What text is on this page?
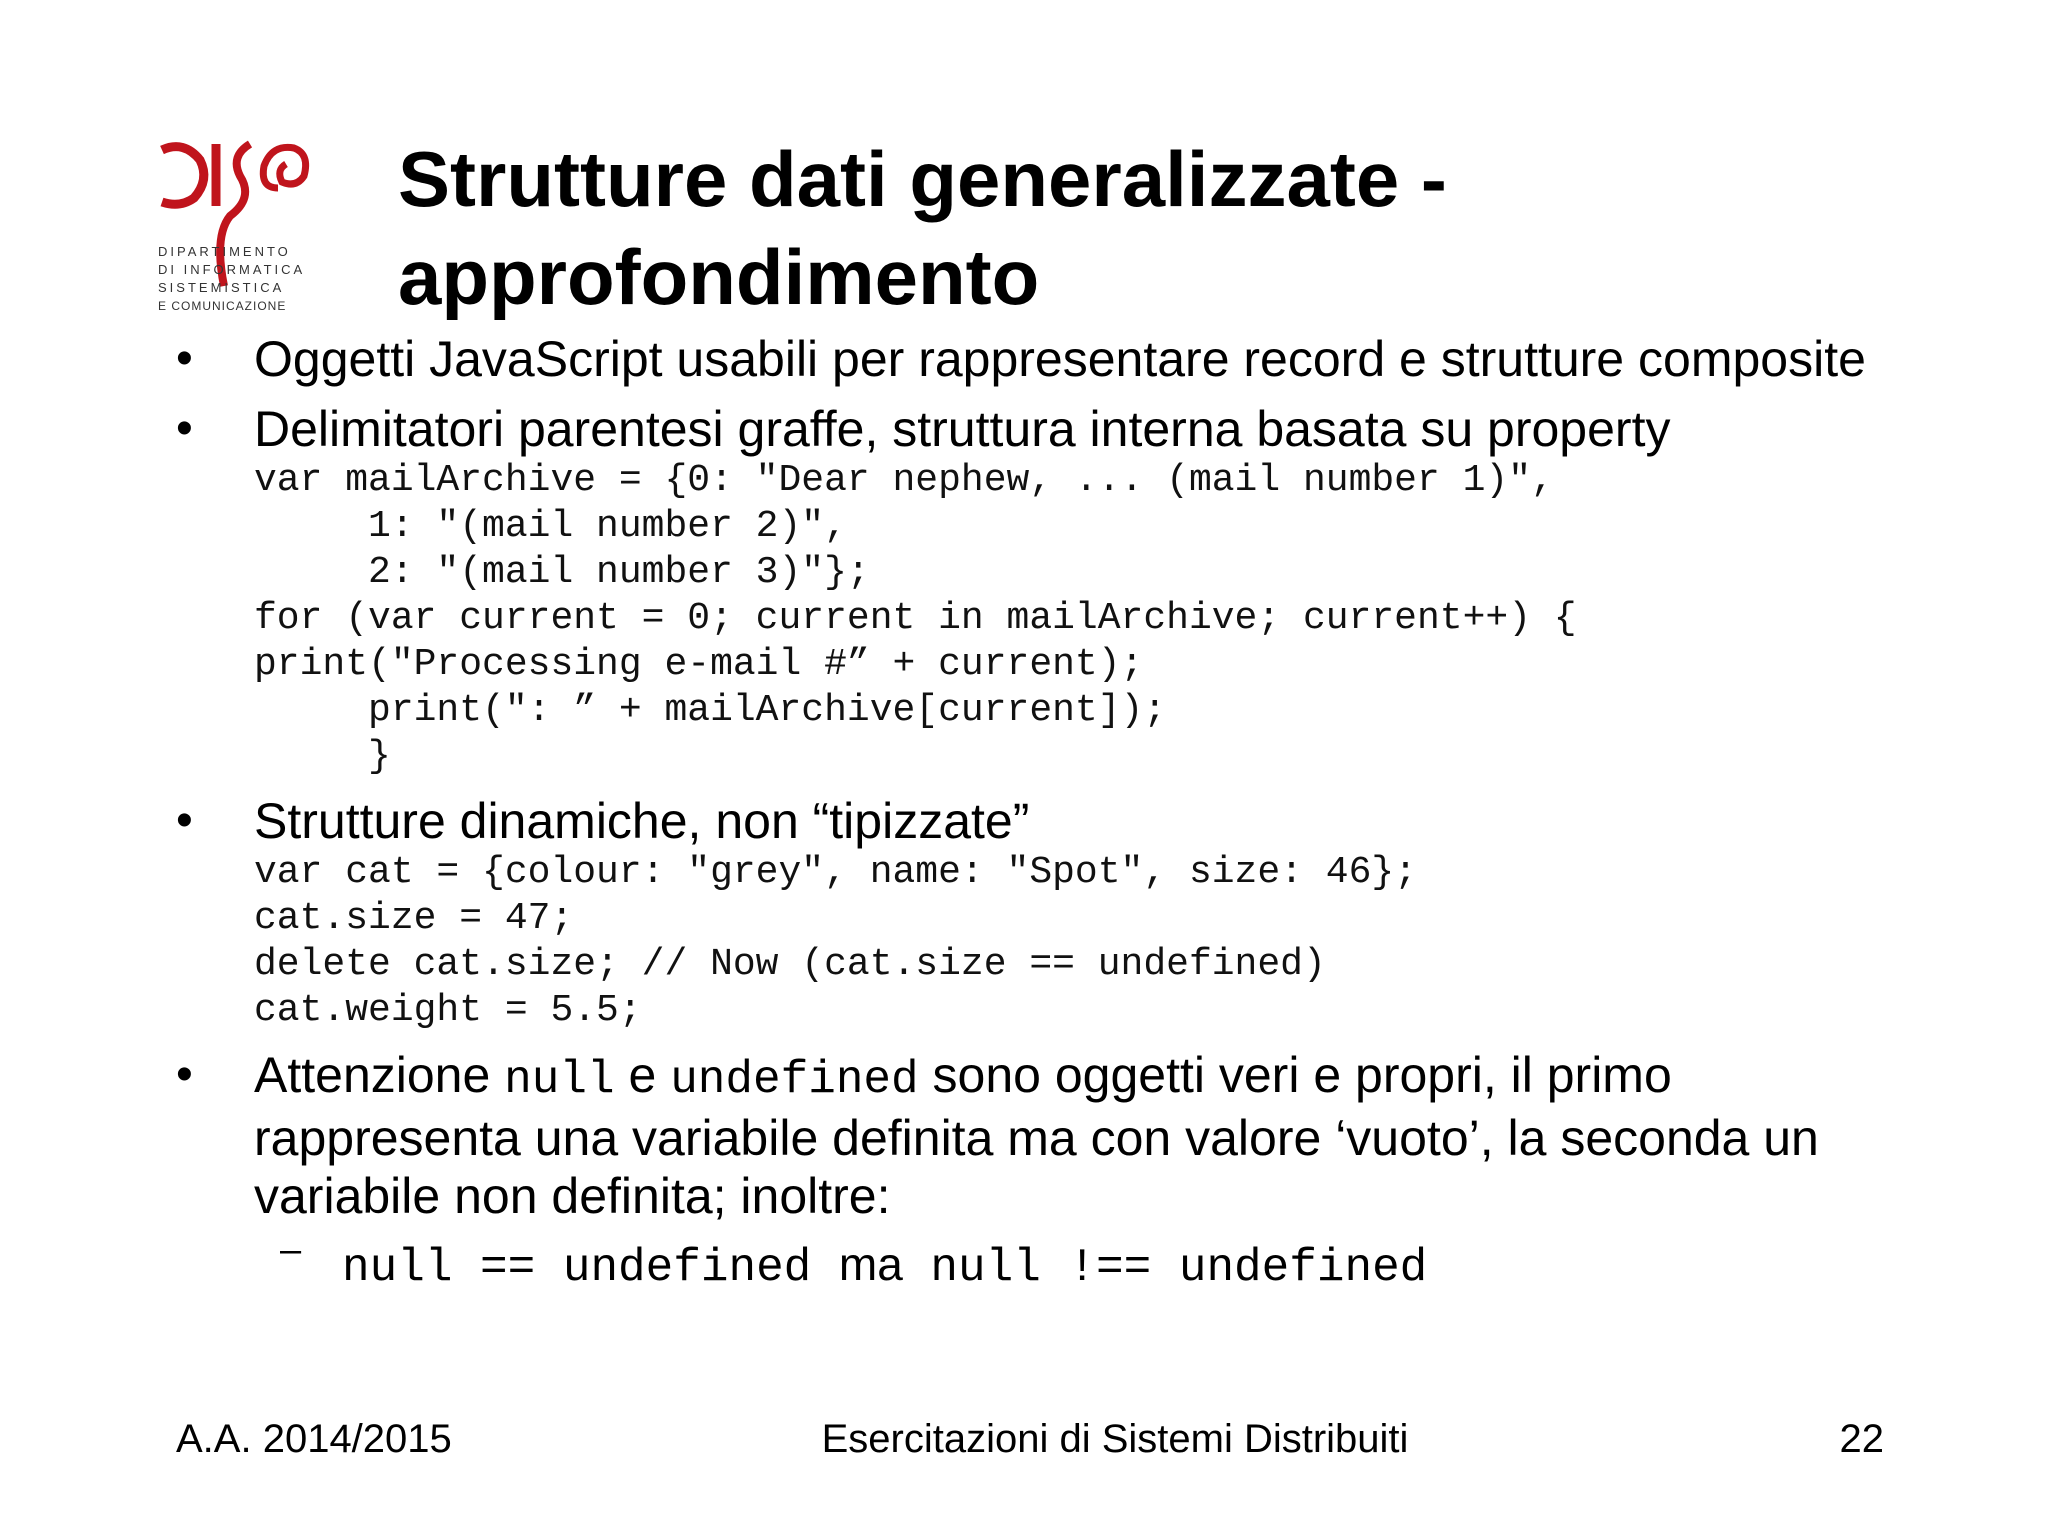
DIPARTIMENTO
DI INFORMATICA
SISTEMISTICA
E COMUNICAZIONE
Strutture dati generalizzate -
approfondimento
• Oggetti JavaScript usabili per rappresentare record e strutture composite
• Delimitatori parentesi graffe, struttura interna basata su property
var mailArchive = {0: "Dear nephew, ... (mail number 1)",
1: "(mail number 2)",
2: "(mail number 3)"};
for (var current = 0; current in mailArchive; current++) {
print("Processing e-mail #” + current);
print(": ” + mailArchive[current]);
}
• Strutture dinamiche, non “tipizzate”
var cat = {colour: "grey", name: "Spot", size: 46};
cat.size = 47;
delete cat.size; // Now (cat.size == undefined)
cat.weight = 5.5;
• Attenzione null e undefined sono oggetti veri e propri, il primo rappresenta una variabile definita ma con valore ‘vuoto’, la seconda un variabile non definita; inoltre:
– null == undefined ma null !== undefined
A.A. 2014/2015	Esercitazioni di Sistemi Distribuiti	22
